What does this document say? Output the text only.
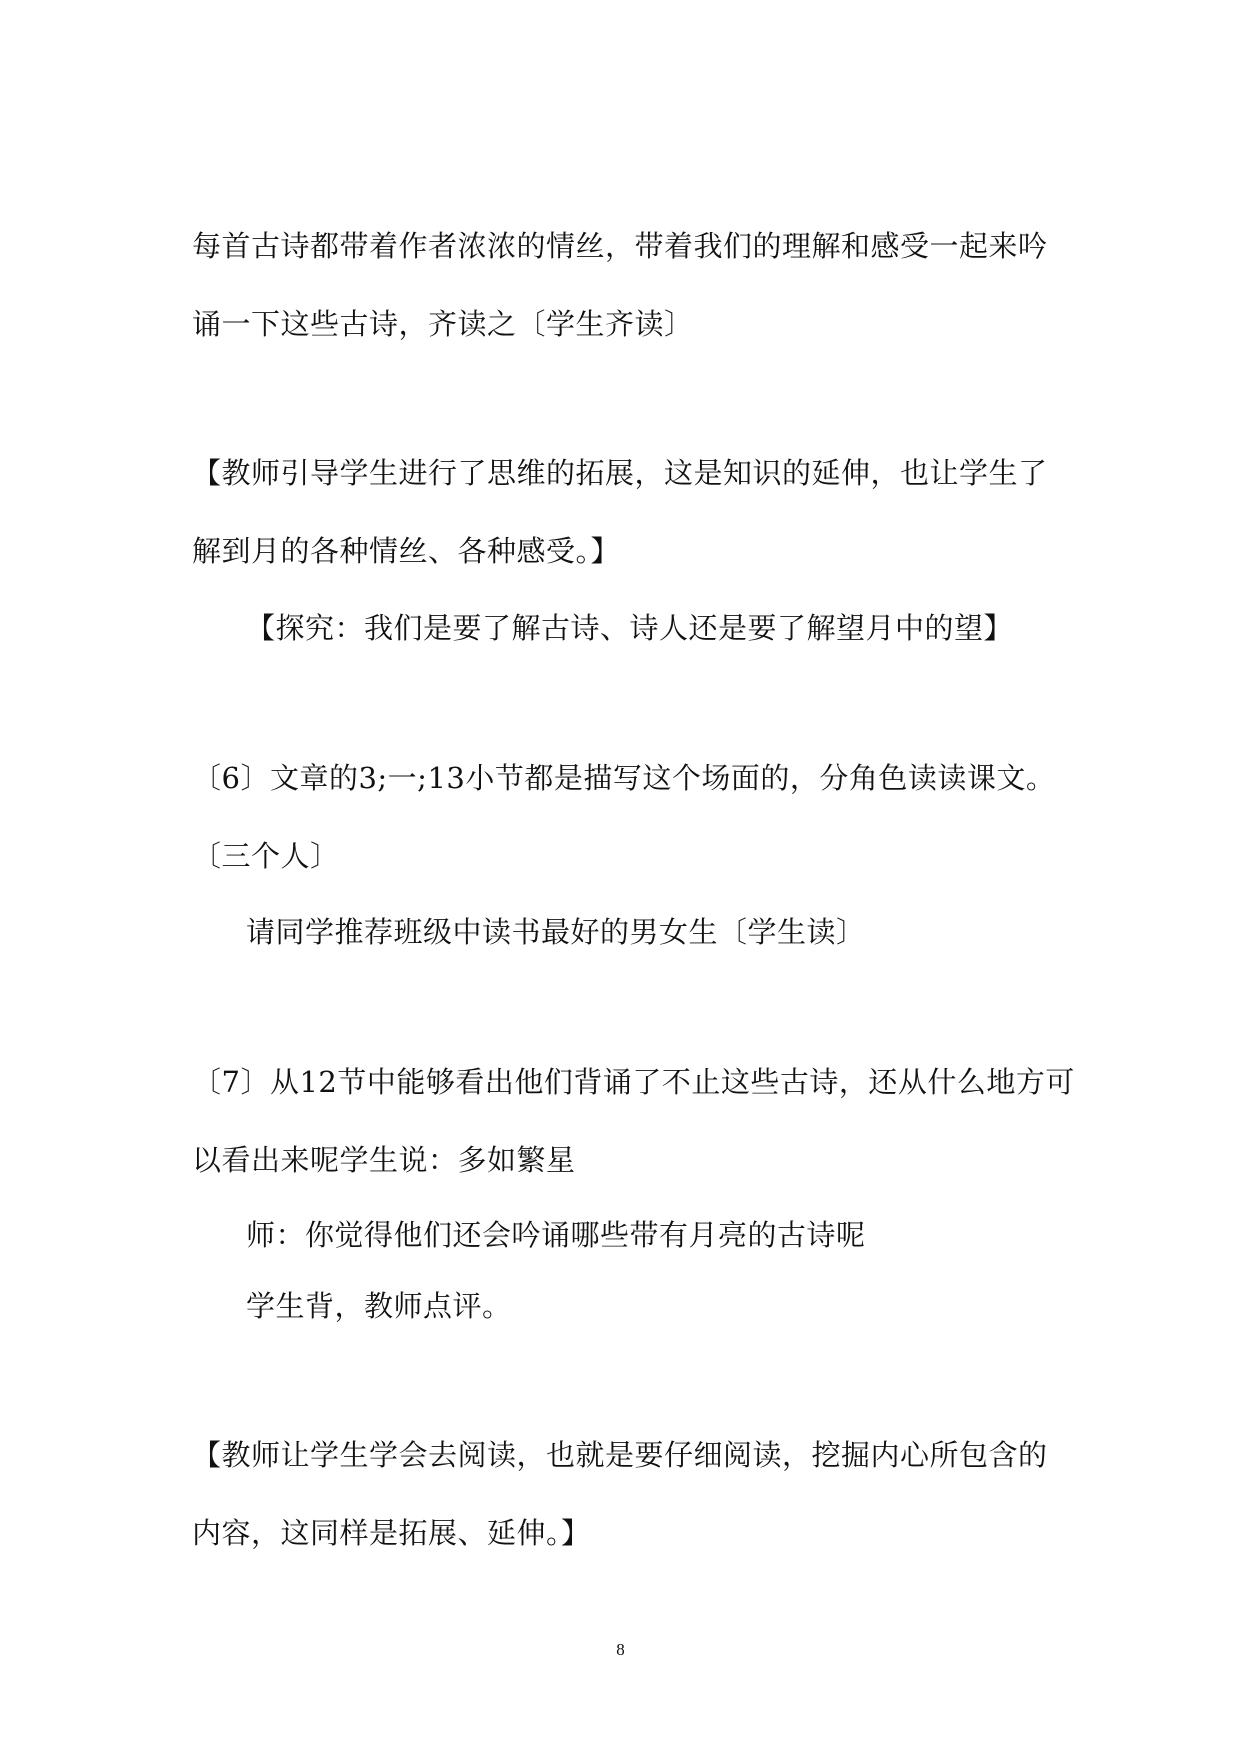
每首古诗都带着作者浓浓的情丝，带着我们的理解和感受一起来吟
诵一下这些古诗，齐读之〔学生齐读〕
【教师引导学生进行了思维的拓展，这是知识的延伸，也让学生了
解到月的各种情丝、各种感受。】
【探究：我们是要了解古诗、诗人还是要了解望月中的望】
〔6〕文章的3;一;13小节都是描写这个场面的，分角色读读课文。
〔三个人〕
请同学推荐班级中读书最好的男女生〔学生读〕
〔7〕从12节中能够看出他们背诵了不止这些古诗，还从什么地方可
以看出来呢学生说：多如繁星
师：你觉得他们还会吟诵哪些带有月亮的古诗呢
学生背，教师点评。
【教师让学生学会去阅读，也就是要仔细阅读，挖掘内心所包含的
内容，这同样是拓展、延伸。】
8
